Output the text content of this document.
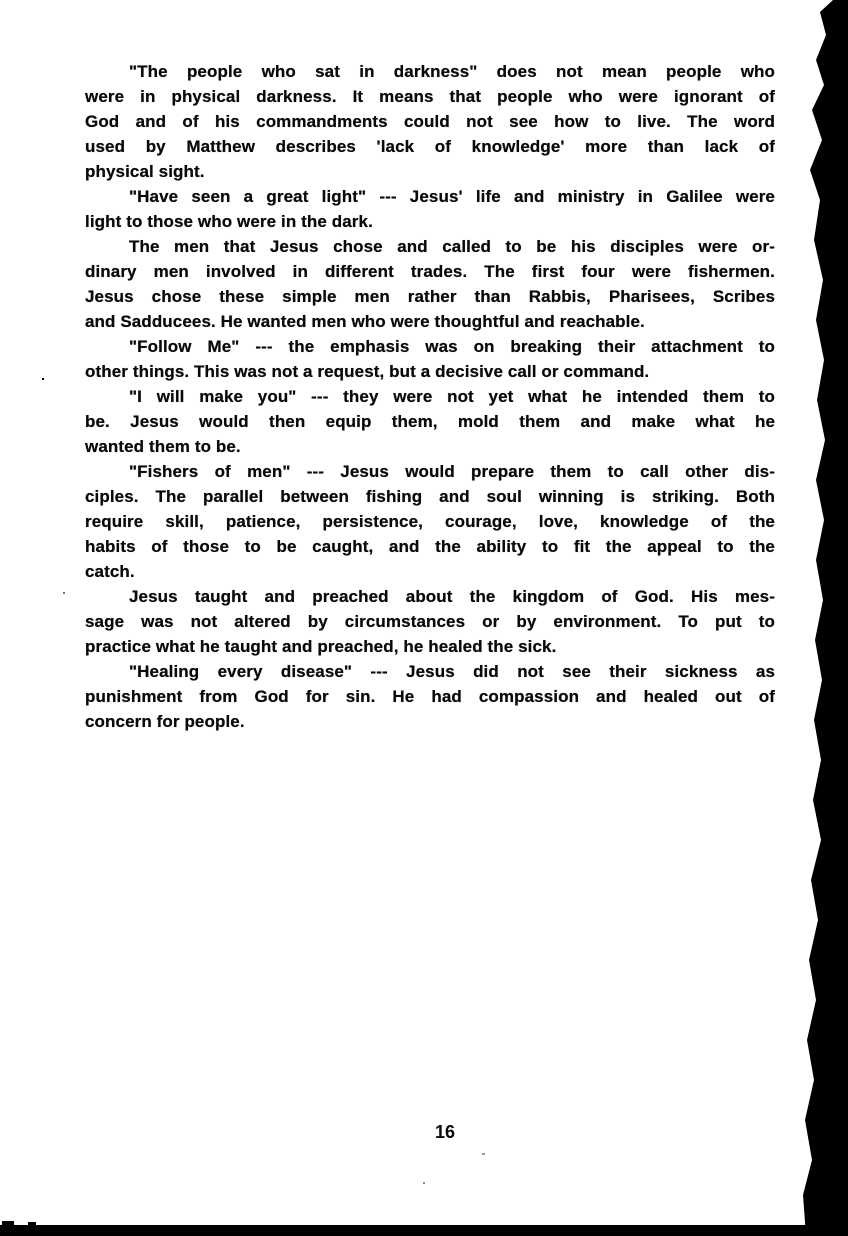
"The people who sat in darkness" does not mean people who
were in physical darkness. It means that people who were ignorant of
God and of his commandments could not see how to live. The word
used by Matthew describes 'lack of knowledge' more than lack of
physical sight.
"Have seen a great light" --- Jesus' life and ministry in Galilee were
light to those who were in the dark.
The men that Jesus chose and called to be his disciples were or-
dinary men involved in different trades. The first four were fishermen.
Jesus chose these simple men rather than Rabbis, Pharisees, Scribes
and Sadducees. He wanted men who were thoughtful and reachable.
"Follow Me" --- the emphasis was on breaking their attachment to
other things. This was not a request, but a decisive call or command.
"I will make you" --- they were not yet what he intended them to
be. Jesus would then equip them, mold them and make what he
wanted them to be.
"Fishers of men" --- Jesus would prepare them to call other dis-
ciples. The parallel between fishing and soul winning is striking. Both
require skill, patience, persistence, courage, love, knowledge of the
habits of those to be caught, and the ability to fit the appeal to the
catch.
Jesus taught and preached about the kingdom of God. His mes-
sage was not altered by circumstances or by environment. To put to
practice what he taught and preached, he healed the sick.
"Healing every disease" --- Jesus did not see their sickness as
punishment from God for sin. He had compassion and healed out of
concern for people.
16
